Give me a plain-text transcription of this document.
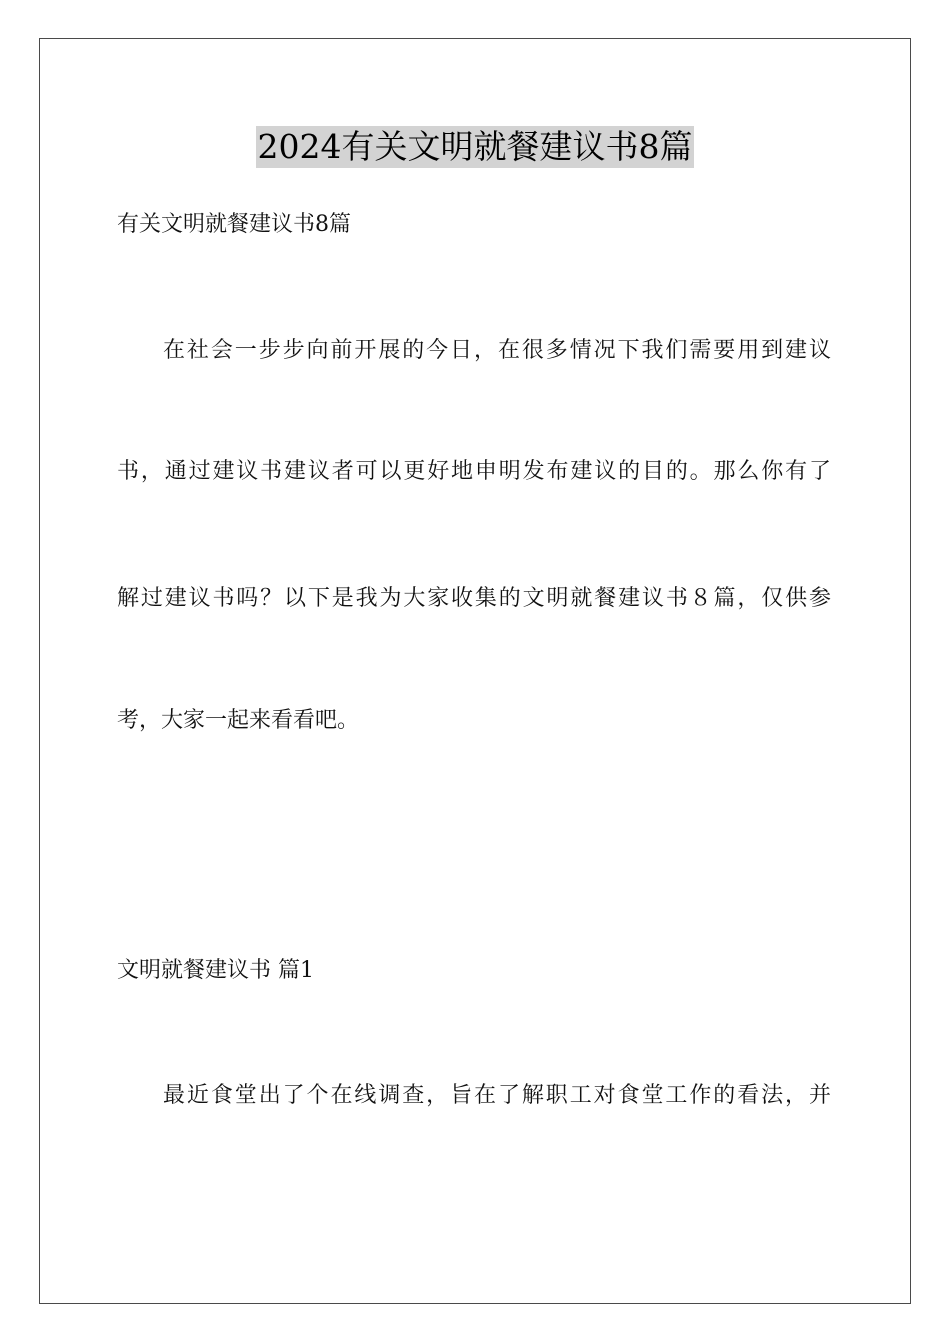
2024有关文明就餐建议书8篇
有关文明就餐建议书8篇
在社会一步步向前开展的今日，在很多情况下我们需要用到建议
书，通过建议书建议者可以更好地申明发布建议的目的。那么你有了
解过建议书吗？以下是我为大家收集的文明就餐建议书８篇，仅供参
考，大家一起来看看吧。
文明就餐建议书 篇1
最近食堂出了个在线调查，旨在了解职工对食堂工作的看法，并
